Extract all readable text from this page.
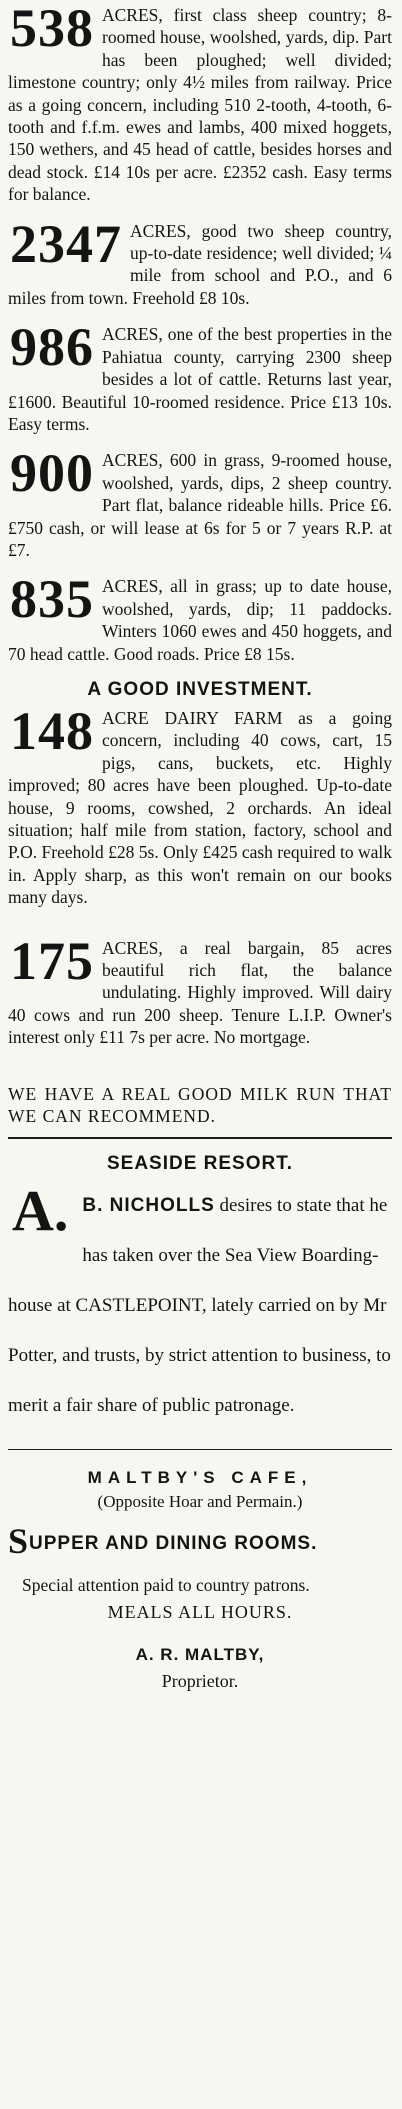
538 ACRES, first class sheep country; 8-roomed house, woolshed, yards, dip. Part has been ploughed; well divided; limestone country; only 4½ miles from railway. Price as a going concern, including 510 2-tooth, 4-tooth, 6-tooth and f.f.m. ewes and lambs, 400 mixed hoggets, 150 wethers, and 45 head of cattle, besides horses and dead stock. £14 10s per acre. £2352 cash. Easy terms for balance.
2347 ACRES, good two sheep country, up-to-date residence; well divided; ¼ mile from school and P.O., and 6 miles from town. Freehold £8 10s.
986 ACRES, one of the best properties in the Pahiatua county, carrying 2300 sheep besides a lot of cattle. Returns last year, £1600. Beautiful 10-roomed residence. Price £13 10s. Easy terms.
900 ACRES, 600 in grass, 9-roomed house, woolshed, yards, dips, 2 sheep country. Part flat, balance rideable hills. Price £6. £750 cash, or will lease at 6s for 5 or 7 years R.P. at £7.
835 ACRES, all in grass; up to date house, woolshed, yards, dip; 11 paddocks. Winters 1060 ewes and 450 hoggets, and 70 head cattle. Good roads. Price £8 15s.
A GOOD INVESTMENT.
148 ACRE DAIRY FARM as a going concern, including 40 cows, cart, 15 pigs, cans, buckets, etc. Highly improved; 80 acres have been ploughed. Up-to-date house, 9 rooms, cowshed, 2 orchards. An ideal situation; half mile from station, factory, school and P.O. Freehold £28 5s. Only £425 cash required to walk in. Apply sharp, as this won't remain on our books many days.
175 ACRES, a real bargain, 85 acres beautiful rich flat, the balance undulating. Highly improved. Will dairy 40 cows and run 200 sheep. Tenure L.I.P. Owner's interest only £11 7s per acre. No mortgage.
WE HAVE A REAL GOOD MILK RUN THAT WE CAN RECOMMEND.
SEASIDE RESORT.
A. B. NICHOLLS desires to state that he has taken over the Sea View Boarding-house at CASTLEPOINT, lately carried on by Mr Potter, and trusts, by strict attention to business, to merit a fair share of public patronage.
MALTBY'S CAFE,
(Opposite Hoar and Permain.)
SUPPER AND DINING ROOMS.
Special attention paid to country patrons.
MEALS ALL HOURS.
A. R. MALTBY,
Proprietor.
